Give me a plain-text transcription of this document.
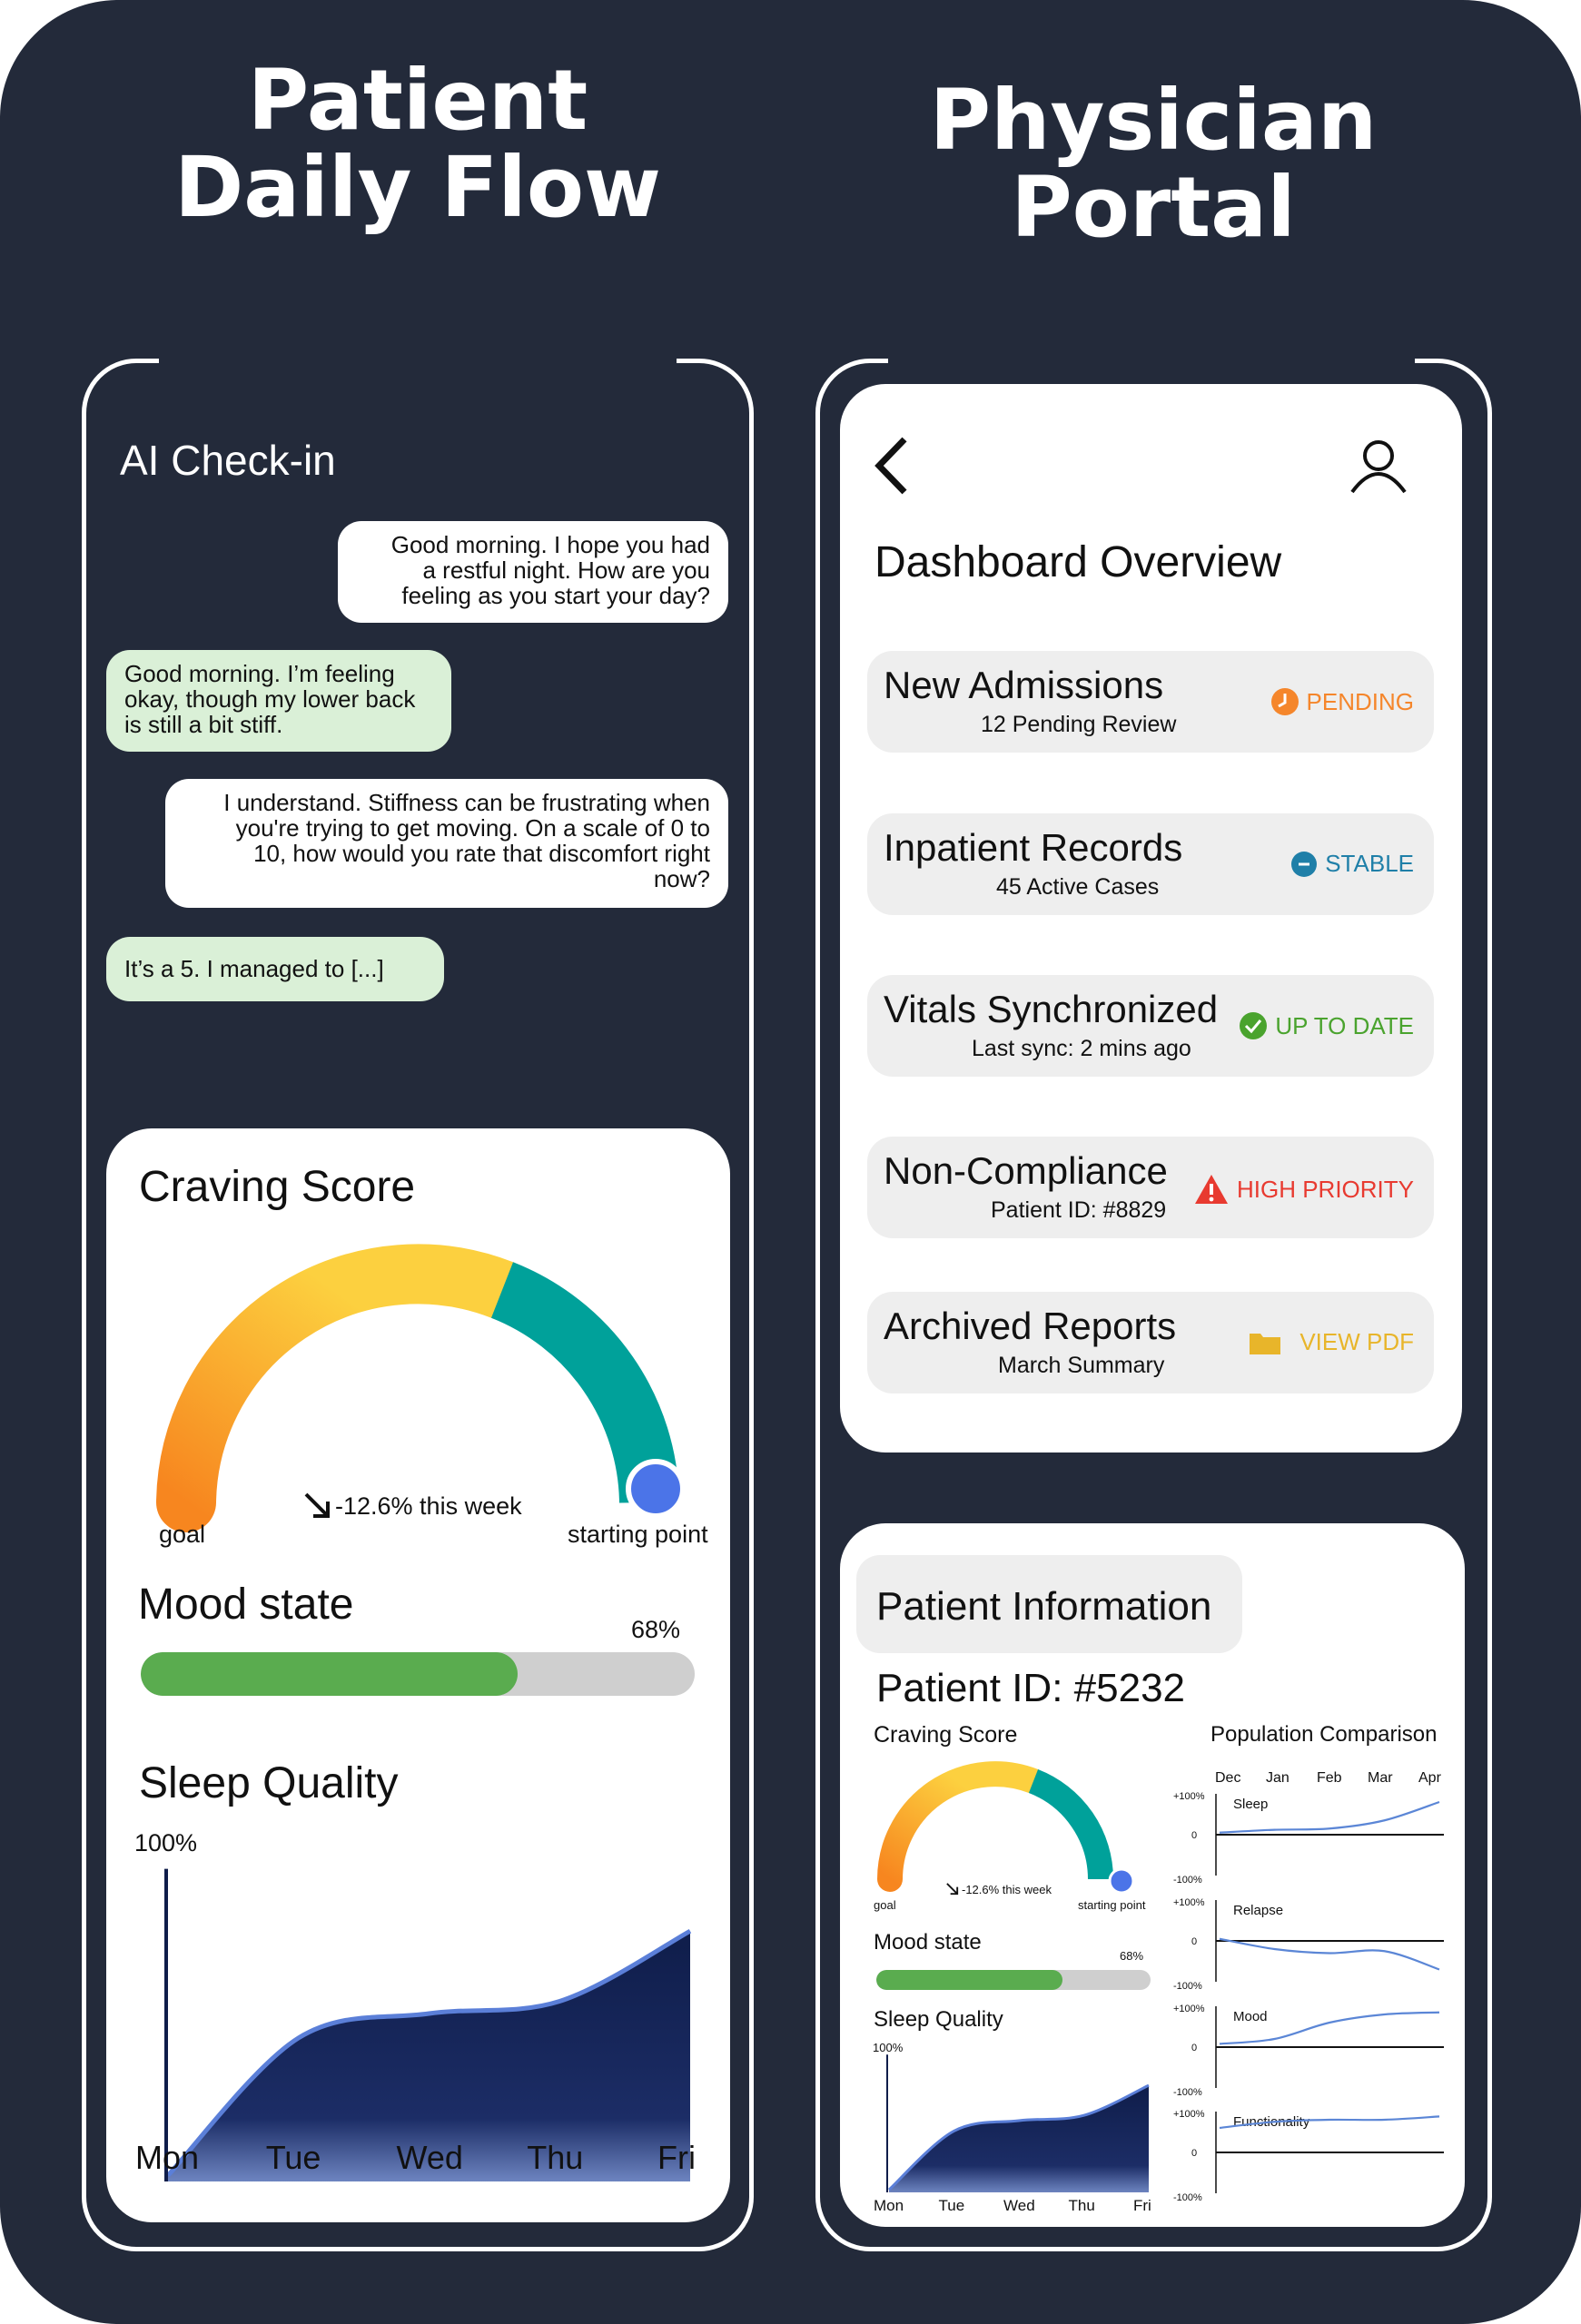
Patient
Daily Flow
Physician
Portal
AI Check-in
Good morning. I hope you had
a restful night. How are you
feeling as you start your day?
Good morning. I’m feeling
okay, though my lower back
is still a bit stiff.
I understand. Stiffness can be frustrating when
you're trying to get moving. On a scale of 0 to
10, how would you rate that discomfort right
now?
It’s a 5. I managed to [...]
Craving Score
goal	starting point
-12.6% this week
Mood state
68%
Sleep Quality
100%
Mon Tue Wed Thu Fri
Dashboard Overview
New Admissions
12 Pending Review
PENDING
Inpatient Records
45 Active Cases
STABLE
Vitals Synchronized
Last sync: 2 mins ago
UP TO DATE
Non-Compliance
Patient ID: #8829
HIGH PRIORITY
Archived Reports
March Summary
VIEW PDF
Patient Information
Patient ID: #5232
Craving Score
goal	starting point
-12.6% this week
Mood state
68%
Sleep Quality
100%
Mon Tue	Wed Thu Fri
Population Comparison
Dec Jan Feb Mar Apr
+100%
0
-100%
Sleep
+100%
0
-100%
Relapse
+100%
0
-100%
Mood
+100%
0
-100%
Functionality
